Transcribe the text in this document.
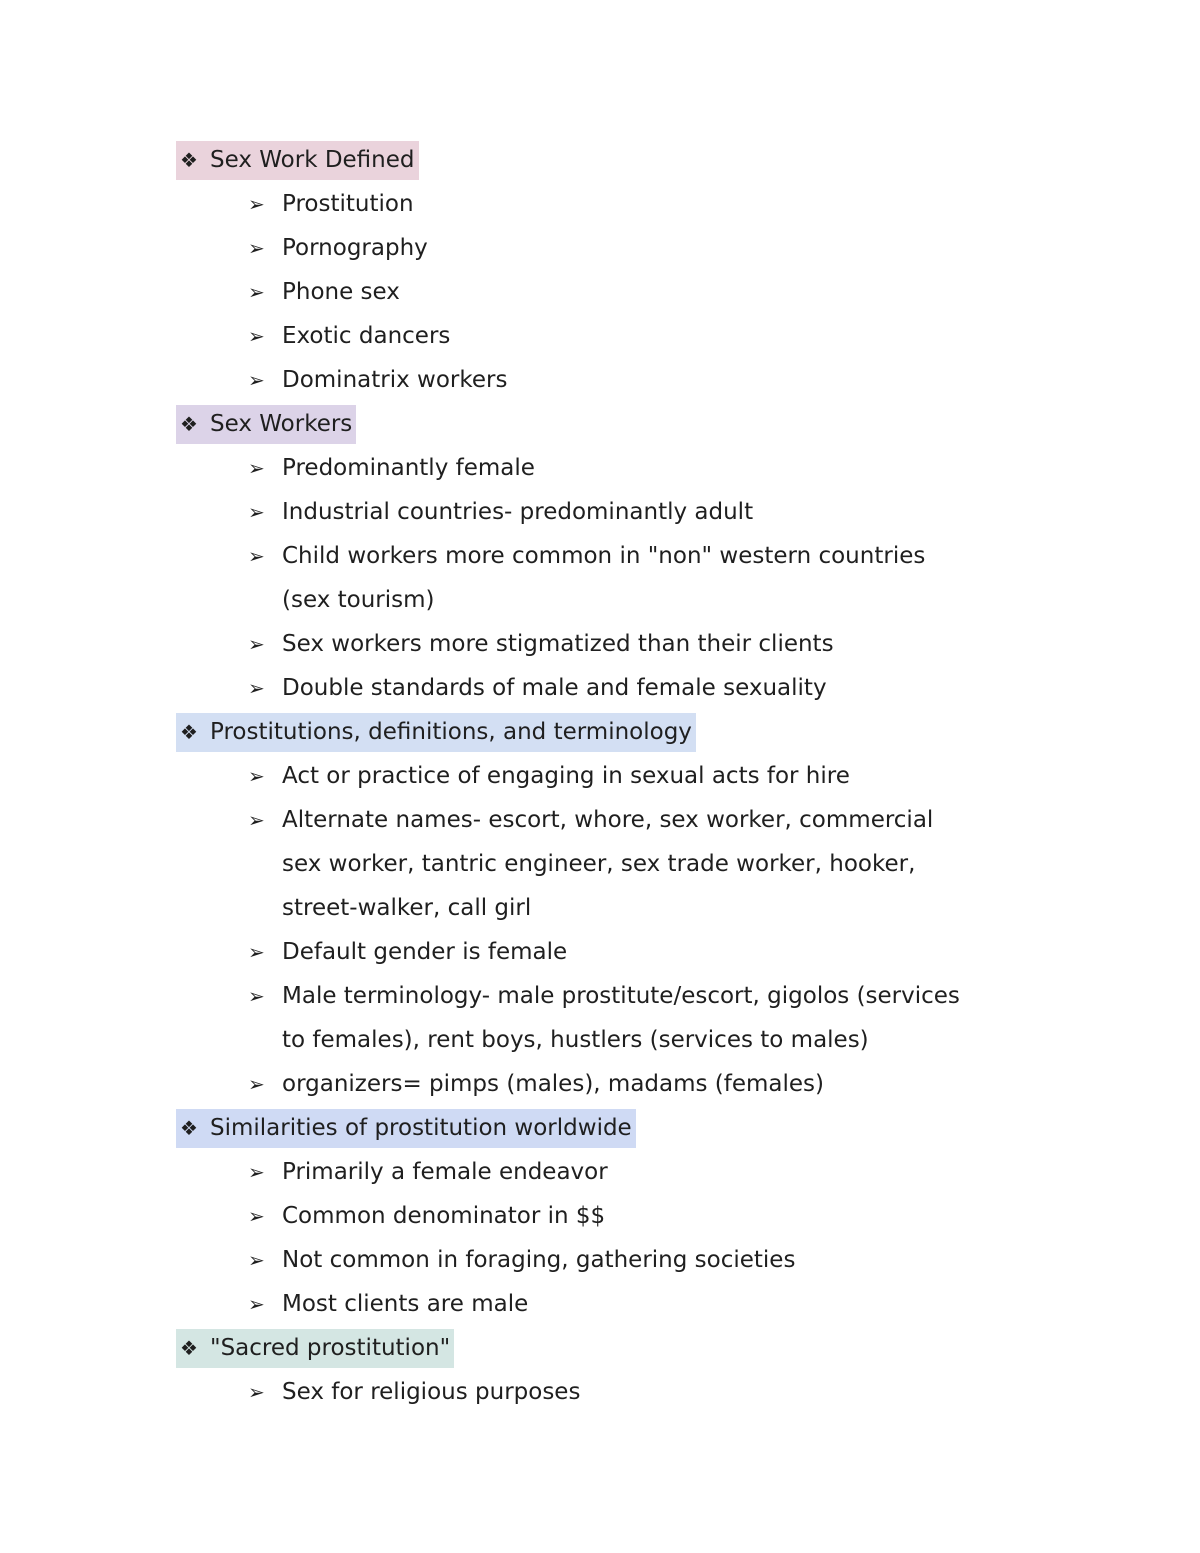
❖ Sex Work Defined
➢ Prostitution
➢ Pornography
➢ Phone sex
➢ Exotic dancers
➢ Dominatrix workers
❖ Sex Workers
➢ Predominantly female
➢ Industrial countries- predominantly adult
➢ Child workers more common in "non" western countries
(sex tourism)
➢ Sex workers more stigmatized than their clients
➢ Double standards of male and female sexuality
❖ Prostitutions, definitions, and terminology
➢ Act or practice of engaging in sexual acts for hire
➢ Alternate names- escort, whore, sex worker, commercial
sex worker, tantric engineer, sex trade worker, hooker,
street-walker, call girl
➢ Default gender is female
➢ Male terminology- male prostitute/escort, gigolos (services
to females), rent boys, hustlers (services to males)
➢ organizers= pimps (males), madams (females)
❖ Similarities of prostitution worldwide
➢ Primarily a female endeavor
➢ Common denominator in $$
➢ Not common in foraging, gathering societies
➢ Most clients are male
❖ "Sacred prostitution"
➢ Sex for religious purposes
